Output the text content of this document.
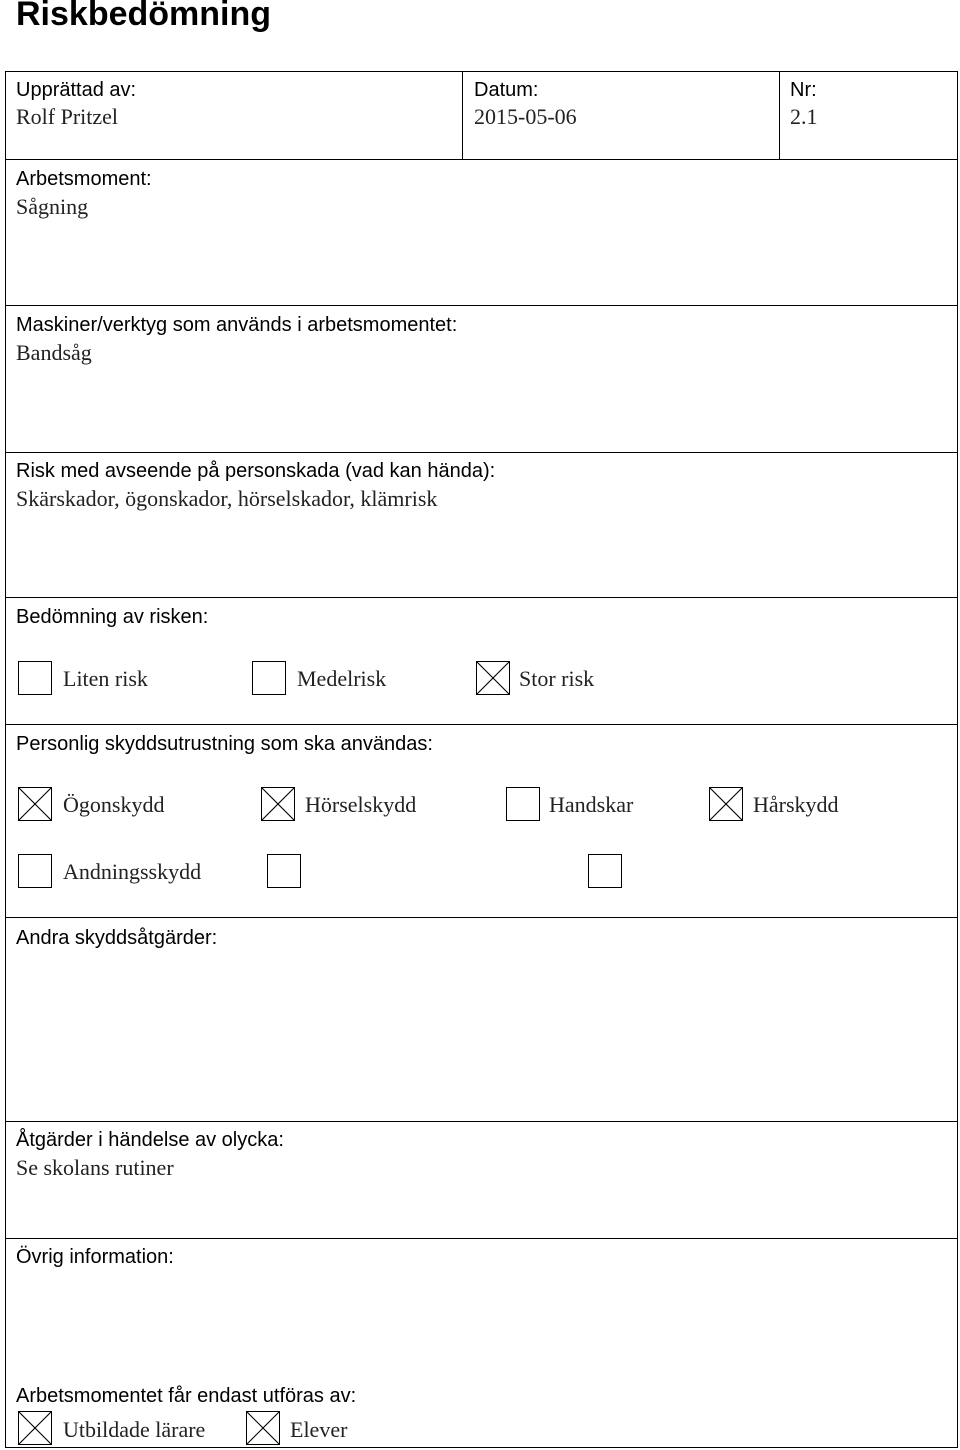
Riskbedömning
Upprättad av:
Rolf Pritzel
Datum:
2015-05-06
Nr:
2.1
Arbetsmoment:
Sågning
Maskiner/verktyg som används i arbetsmomentet:
Bandsåg
Risk med avseende på personskada (vad kan hända):
Skärskador, ögonskador, hörselskador, klämrisk
Bedömning av risken:
Liten risk	Medelrisk	Stor risk
Personlig skyddsutrustning som ska användas:
Ögonskydd	Hörselskydd	Handskar	Hårskydd
Andningsskydd
Andra skyddsåtgärder:
Åtgärder i händelse av olycka:
Se skolans rutiner
Övrig information:
Arbetsmomentet får endast utföras av:
Utbildade lärare	Elever
